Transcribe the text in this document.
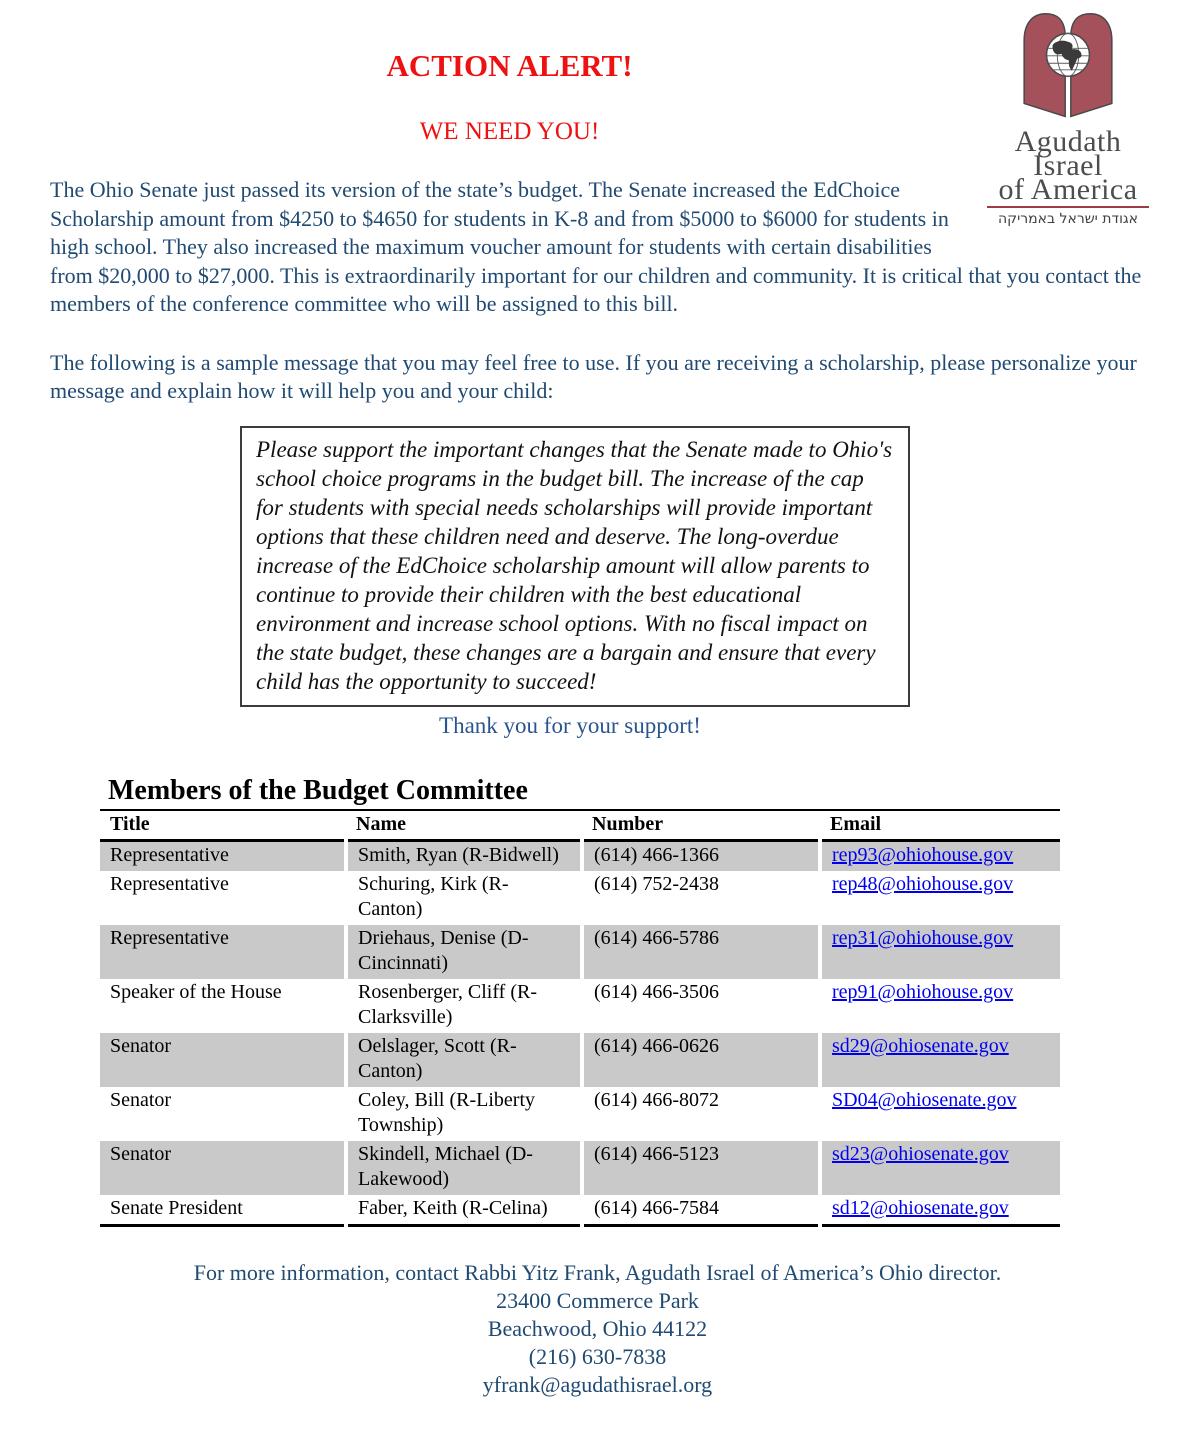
Agudath
Israel
of America
אגודת ישראל באמריקה
ACTION ALERT!
WE NEED YOU!

The Ohio Senate just passed its version of the state’s budget. The Senate increased the EdChoice Scholarship amount from $4250 to $4650 for students in K-8 and from $5000 to $6000 for students in high school. They also increased the maximum voucher amount for students with certain disabilities from $20,000 to $27,000. This is extraordinarily important for our children and community. It is critical that you contact the members of the conference committee who will be assigned to this bill.

The following is a sample message that you may feel free to use. If you are receiving a scholarship, please personalize your message and explain how it will help you and your child:

Please support the important changes that the Senate made to Ohio's school choice programs in the budget bill. The increase of the cap for students with special needs scholarships will provide important options that these children need and deserve. The long-overdue increase of the EdChoice scholarship amount will allow parents to continue to provide their children with the best educational environment and increase school options. With no fiscal impact on the state budget, these changes are a bargain and ensure that every child has the opportunity to succeed!
Thank you for your support!
Members of the Budget Committee
Title	Name	Number	Email
Representative	Smith, Ryan (R-Bidwell)	(614) 466-1366	rep93@ohiohouse.gov
Representative	Schuring, Kirk (R-Canton)	(614) 752-2438	rep48@ohiohouse.gov
Representative	Driehaus, Denise (D-Cincinnati)	(614) 466-5786	rep31@ohiohouse.gov
Speaker of the House	Rosenberger, Cliff (R-Clarksville)	(614) 466-3506	rep91@ohiohouse.gov
Senator	Oelslager, Scott (R-Canton)	(614) 466-0626	sd29@ohiosenate.gov
Senator	Coley, Bill (R-Liberty Township)	(614) 466-8072	SD04@ohiosenate.gov
Senator	Skindell, Michael (D-Lakewood)	(614) 466-5123	sd23@ohiosenate.gov
Senate President	Faber, Keith (R-Celina)	(614) 466-7584	sd12@ohiosenate.gov
For more information, contact Rabbi Yitz Frank, Agudath Israel of America’s Ohio director.
23400 Commerce Park
Beachwood, Ohio 44122
(216) 630-7838
yfrank@agudathisrael.org
